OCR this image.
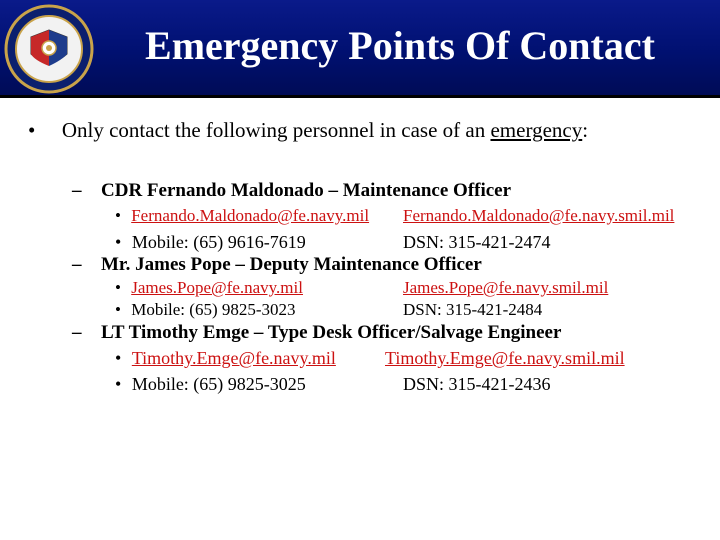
Emergency Points Of Contact
• Only contact the following personnel in case of an emergency:
– CDR Fernando Maldonado – Maintenance Officer
• Fernando.Maldonado@fe.navy.mil Fernando.Maldonado@fe.navy.smil.mil
• Mobile: (65) 9616-7619	DSN: 315-421-2474
– Mr. James Pope – Deputy Maintenance Officer
• James.Pope@fe.navy.mil	James.Pope@fe.navy.smil.mil
• Mobile: (65) 9825-3023	DSN: 315-421-2484
– LT Timothy Emge – Type Desk Officer/Salvage Engineer
• Timothy.Emge@fe.navy.mil	Timothy.Emge@fe.navy.smil.mil
• Mobile: (65) 9825-3025	DSN: 315-421-2436
